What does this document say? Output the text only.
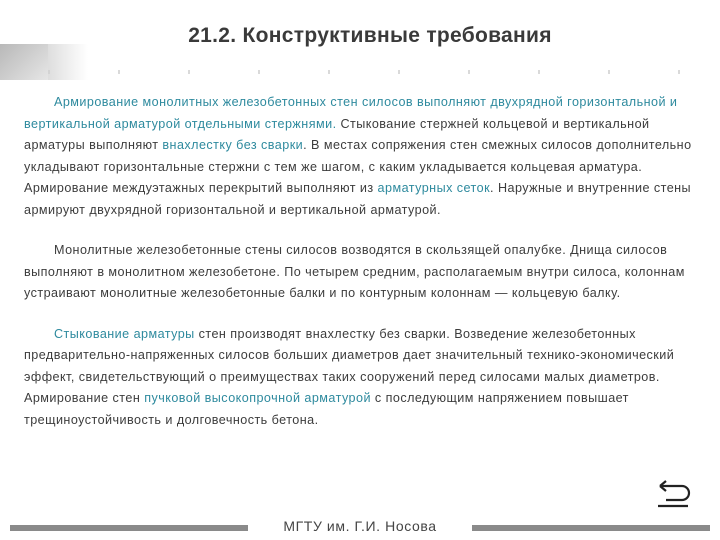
21.2. Конструктивные требования

Армирование монолитных железобетонных стен силосов выполняют двухрядной горизонтальной и вертикальной арматурой отдельными стержнями. Стыкование стержней кольцевой и вертикальной арматуры выполняют внахлестку без сварки. В местах сопряжения стен смежных силосов дополнительно укладывают горизонтальные стержни с тем же шагом, с каким укладывается кольцевая арматура. Армирование междуэтажных перекрытий выполняют из арматурных сеток. Наружные и внутренние стены армируют двухрядной горизонтальной и вертикальной арматурой.

Монолитные железобетонные стены силосов возводятся в скользящей опалубке. Днища силосов выполняют в монолитном железобетоне. По четырем средним, располагаемым внутри силоса, колоннам устраивают монолитные железобетонные балки и по контурным колоннам — кольцевую балку.

Стыкование арматуры стен производят внахлестку без сварки. Возведение железобетонных предварительно-напряженных силосов больших диаметров дает значительный технико-экономический эффект, свидетельствующий о преимуществах таких сооружений перед силосами малых диаметров. Армирование стен пучковой высокопрочной арматурой с последующим напряжением повышает трещиноустойчивость и долговечность бетона.

МГТУ им. Г.И. Носова
